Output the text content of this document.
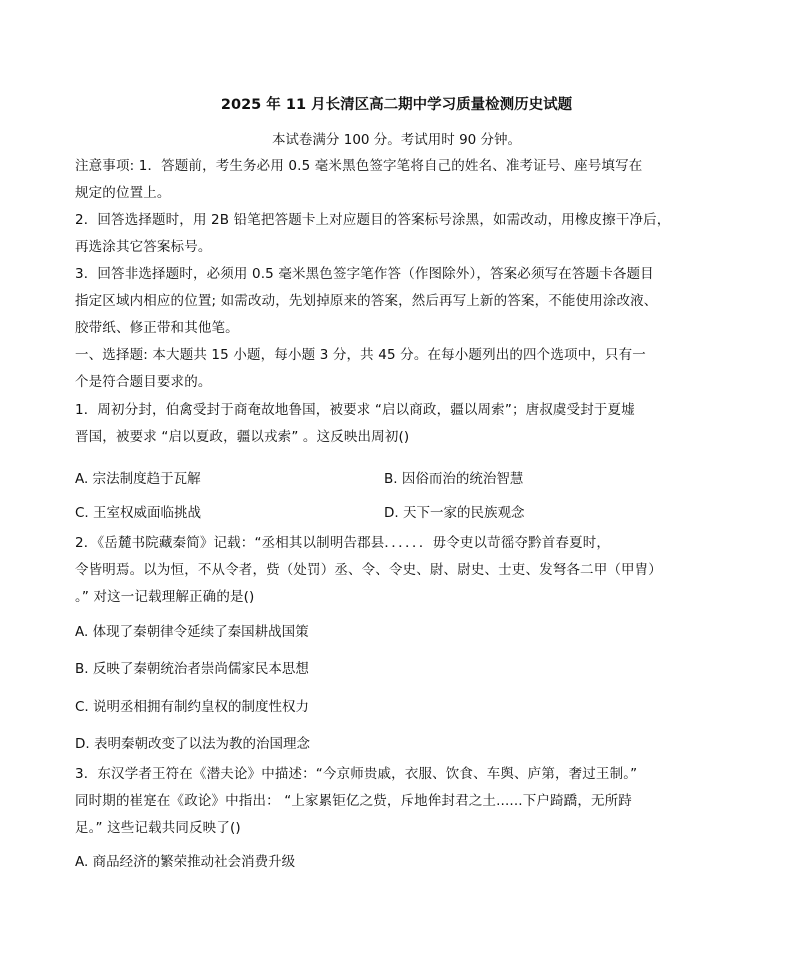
2025 年 11 月长清区高二期中学习质量检测历史试题
本试卷满分 100 分。考试用时 90 分钟。
注意事项: 1．答题前，考生务必用 0.5 毫米黑色签字笔将自己的姓名、准考证号、座号填写在
规定的位置上。
2．回答选择题时，用 2B 铅笔把答题卡上对应题目的答案标号涂黑，如需改动，用橡皮擦干净后，
再选涂其它答案标号。
3．回答非选择题时，必须用 0.5 毫米黑色签字笔作答（作图除外），答案必须写在答题卡各题目
指定区域内相应的位置; 如需改动，先划掉原来的答案，然后再写上新的答案，不能使用涂改液、
胶带纸、修正带和其他笔。
一、选择题: 本大题共 15 小题，每小题 3 分，共 45 分。在每小题列出的四个选项中，只有一
个是符合题目要求的。
1．周初分封，伯禽受封于商奄故地鲁国，被要求 “启以商政，疆以周索”；唐叔虞受封于夏墟
晋国，被要求 “启以夏政，疆以戎索” 。这反映出周初()
A. 宗法制度趋于瓦解	B. 因俗而治的统治智慧
C. 王室权威面临挑战	D. 天下一家的民族观念
2．《岳麓书院藏秦简》记载：“丞相其以制明告郡县．．．．．．毋令吏以苛徭夺黔首春夏时，
令皆明焉。以为恒，不从令者，赀（处罚）丞、令、令史、尉、尉史、士吏、发弩各二甲（甲胄）
。” 对这一记载理解正确的是()
A. 体现了秦朝律令延续了秦国耕战国策
B. 反映了秦朝统治者崇尚儒家民本思想
C. 说明丞相拥有制约皇权的制度性权力
D. 表明秦朝改变了以法为教的治国理念
3．东汉学者王符在《潜夫论》中描述：“今京师贵戚，衣服、饮食、车舆、庐第，奢过王制。”
同时期的崔寔在《政论》中指出： “上家累钜亿之赀，斥地侔封君之土......下户踦蹻，无所跱
足。” 这些记载共同反映了()
A. 商品经济的繁荣推动社会消费升级
